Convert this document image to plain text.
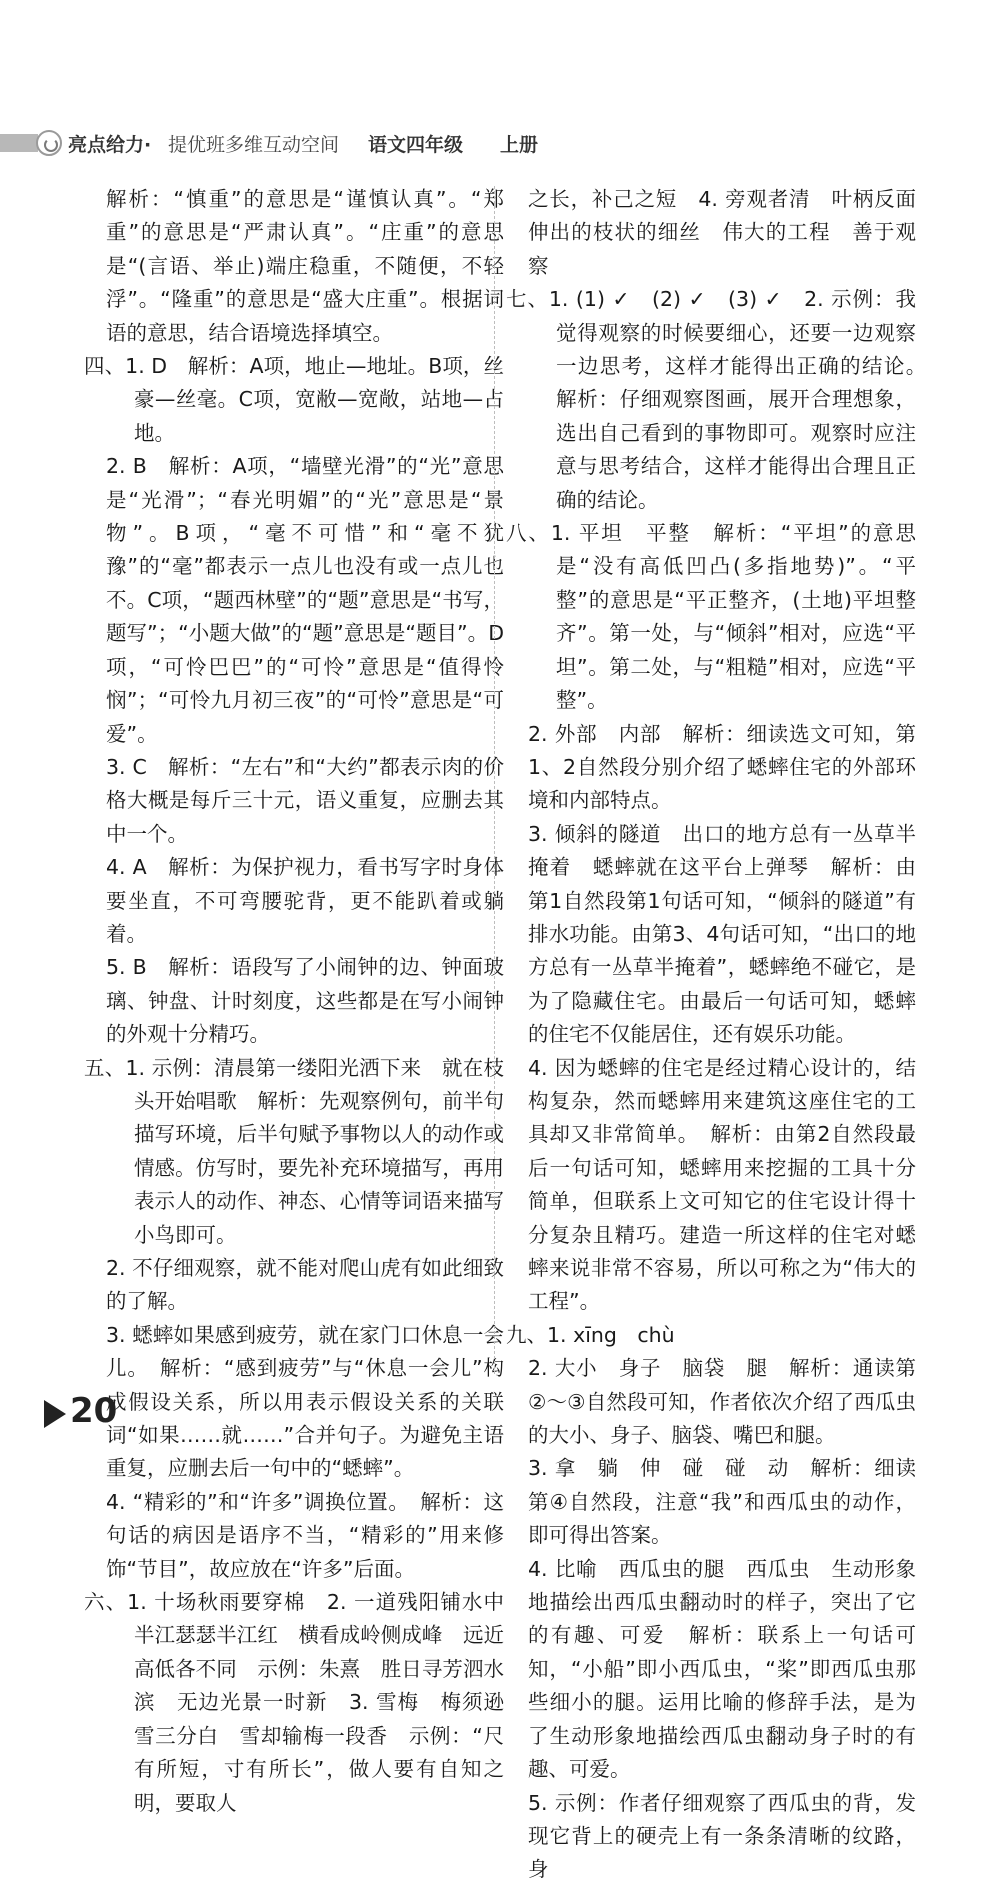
亮点给力· 提优班多维互动空间 语文四年级 上册

解析：“慎重”的意思是“谨慎认真”。“郑重”的意思是“严肃认真”。“庄重”的意思是“(言语、举止)端庄稳重，不随便，不轻浮”。“隆重”的意思是“盛大庄重”。根据词语的意思，结合语境选择填空。

四、1. D　解析：A项，地止—地址。B项，丝豪—丝毫。C项，宽敝—宽敞，站地—占地。

2. B　解析：A项，“墙壁光滑”的“光”意思是“光滑”；“春光明媚”的“光”意思是“景物”。B项，“毫不可惜”和“毫不犹豫”的“毫”都表示一点儿也没有或一点儿也不。C项，“题西林壁”的“题”意思是“书写，题写”；“小题大做”的“题”意思是“题目”。D项，“可怜巴巴”的“可怜”意思是“值得怜悯”；“可怜九月初三夜”的“可怜”意思是“可爱”。

3. C　解析：“左右”和“大约”都表示肉的价格大概是每斤三十元，语义重复，应删去其中一个。

4. A　解析：为保护视力，看书写字时身体要坐直，不可弯腰驼背，更不能趴着或躺着。

5. B　解析：语段写了小闹钟的边、钟面玻璃、钟盘、计时刻度，这些都是在写小闹钟的外观十分精巧。

五、1. 示例：清晨第一缕阳光洒下来　就在枝头开始唱歌　解析：先观察例句，前半句描写环境，后半句赋予事物以人的动作或情感。仿写时，要先补充环境描写，再用表示人的动作、神态、心情等词语来描写小鸟即可。

2. 不仔细观察，就不能对爬山虎有如此细致的了解。

3. 蟋蟀如果感到疲劳，就在家门口休息一会儿。　解析：“感到疲劳”与“休息一会儿”构成假设关系，所以用表示假设关系的关联词“如果……就……”合并句子。为避免主语重复，应删去后一句中的“蟋蟀”。

4. “精彩的”和“许多”调换位置。　解析：这句话的病因是语序不当，“精彩的”用来修饰“节目”，故应放在“许多”后面。

六、1. 十场秋雨要穿棉　2. 一道残阳铺水中　半江瑟瑟半江红　横看成岭侧成峰　远近高低各不同　示例：朱熹　胜日寻芳泗水滨　无边光景一时新　3. 雪梅　梅须逊雪三分白　雪却输梅一段香　示例：“尺有所短，寸有所长”，做人要有自知之明，要取人

之长，补己之短　4. 旁观者清　叶柄反面伸出的枝状的细丝　伟大的工程　善于观察

七、1. (1) ✓　(2) ✓　(3) ✓　2. 示例：我觉得观察的时候要细心，还要一边观察一边思考，这样才能得出正确的结论。　解析：仔细观察图画，展开合理想象，选出自己看到的事物即可。观察时应注意与思考结合，这样才能得出合理且正确的结论。

八、1. 平坦　平整　解析：“平坦”的意思是“没有高低凹凸(多指地势)”。“平整”的意思是“平正整齐，(土地)平坦整齐”。第一处，与“倾斜”相对，应选“平坦”。第二处，与“粗糙”相对，应选“平整”。

2. 外部　内部　解析：细读选文可知，第1、2自然段分别介绍了蟋蟀住宅的外部环境和内部特点。

3. 倾斜的隧道　出口的地方总有一丛草半掩着　蟋蟀就在这平台上弹琴　解析：由第1自然段第1句话可知，“倾斜的隧道”有排水功能。由第3、4句话可知，“出口的地方总有一丛草半掩着”，蟋蟀绝不碰它，是为了隐藏住宅。由最后一句话可知，蟋蟀的住宅不仅能居住，还有娱乐功能。

4. 因为蟋蟀的住宅是经过精心设计的，结构复杂，然而蟋蟀用来建筑这座住宅的工具却又非常简单。　解析：由第2自然段最后一句话可知，蟋蟀用来挖掘的工具十分简单，但联系上文可知它的住宅设计得十分复杂且精巧。建造一所这样的住宅对蟋蟀来说非常不容易，所以可称之为“伟大的工程”。

九、1. xīng　chù

2. 大小　身子　脑袋　腿　解析：通读第②～③自然段可知，作者依次介绍了西瓜虫的大小、身子、脑袋、嘴巴和腿。

3. 拿　躺　伸　碰　碰　动　解析：细读第④自然段，注意“我”和西瓜虫的动作，即可得出答案。

4. 比喻　西瓜虫的腿　西瓜虫　生动形象地描绘出西瓜虫翻动时的样子，突出了它的有趣、可爱　解析：联系上一句话可知，“小船”即小西瓜虫，“桨”即西瓜虫那些细小的腿。运用比喻的修辞手法，是为了生动形象地描绘西瓜虫翻动身子时的有趣、可爱。

5. 示例：作者仔细观察了西瓜虫的背，发现它背上的硬壳上有一条条清晰的纹路，身

20
